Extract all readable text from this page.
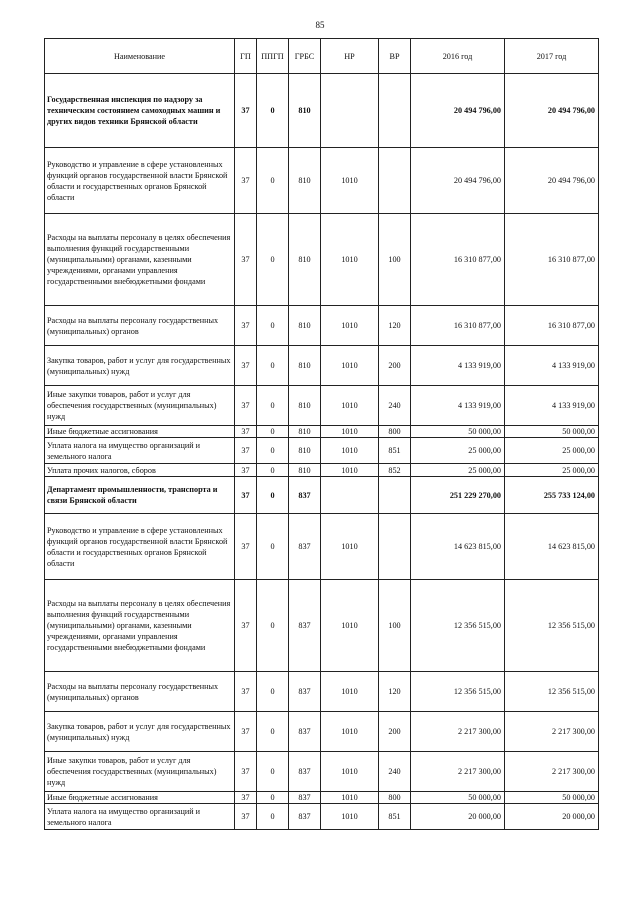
85
Наименование	ГП	ППГП	ГРБС	НР	ВР	2016 год	2017 год
Государственная инспекция по надзору за техническим состоянием самоходных машин и других видов техники Брянской области	37	0	810			20 494 796,00	20 494 796,00
Руководство и управление в сфере установленных функций органов государственной власти Брянской области и государственных органов Брянской области	37	0	810	1010		20 494 796,00	20 494 796,00
Расходы на выплаты персоналу в целях обеспечения выполнения функций государственными (муниципальными) органами, казенными учреждениями, органами управления государственными внебюджетными фондами	37	0	810	1010	100	16 310 877,00	16 310 877,00
Расходы на выплаты персоналу государственных (муниципальных) органов	37	0	810	1010	120	16 310 877,00	16 310 877,00
Закупка товаров, работ и услуг для государственных (муниципальных) нужд	37	0	810	1010	200	4 133 919,00	4 133 919,00
Иные закупки товаров, работ и услуг для обеспечения государственных (муниципальных) нужд	37	0	810	1010	240	4 133 919,00	4 133 919,00
Иные бюджетные ассигнования	37	0	810	1010	800	50 000,00	50 000,00
Уплата налога на имущество организаций и земельного налога	37	0	810	1010	851	25 000,00	25 000,00
Уплата прочих налогов, сборов	37	0	810	1010	852	25 000,00	25 000,00
Департамент промышленности, транспорта и связи Брянской области	37	0	837			251 229 270,00	255 733 124,00
Руководство и управление в сфере установленных функций органов государственной власти Брянской области и государственных органов Брянской области	37	0	837	1010		14 623 815,00	14 623 815,00
Расходы на выплаты персоналу в целях обеспечения выполнения функций государственными (муниципальными) органами, казенными учреждениями, органами управления государственными внебюджетными фондами	37	0	837	1010	100	12 356 515,00	12 356 515,00
Расходы на выплаты персоналу государственных (муниципальных) органов	37	0	837	1010	120	12 356 515,00	12 356 515,00
Закупка товаров, работ и услуг для государственных (муниципальных) нужд	37	0	837	1010	200	2 217 300,00	2 217 300,00
Иные закупки товаров, работ и услуг для обеспечения государственных (муниципальных) нужд	37	0	837	1010	240	2 217 300,00	2 217 300,00
Иные бюджетные ассигнования	37	0	837	1010	800	50 000,00	50 000,00
Уплата налога на имущество организаций и земельного налога	37	0	837	1010	851	20 000,00	20 000,00
